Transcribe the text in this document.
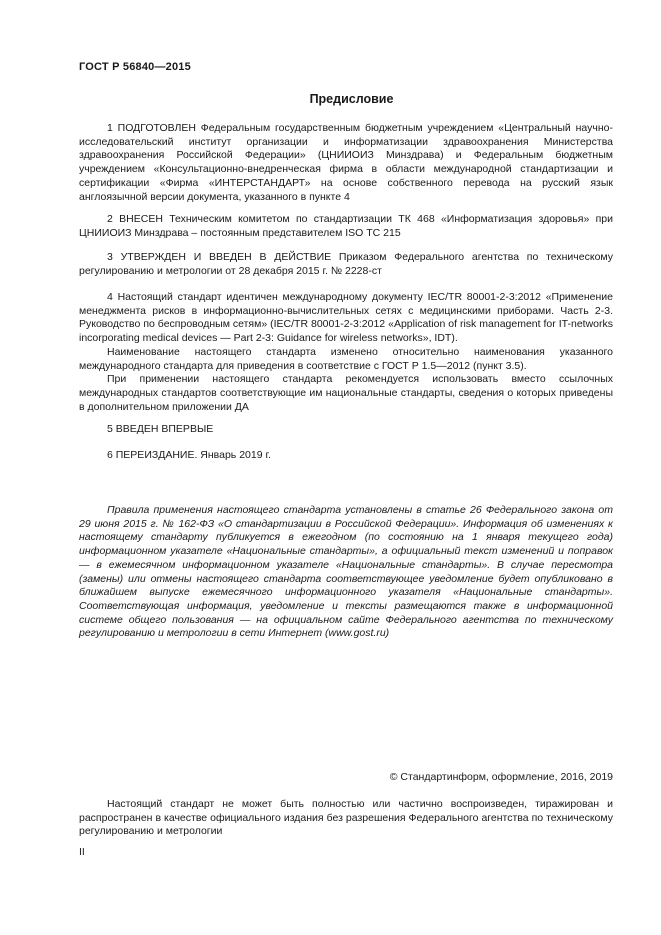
ГОСТ Р 56840—2015
Предисловие

1 ПОДГОТОВЛЕН Федеральным государственным бюджетным учреждением «Центральный научно-исследовательский институт организации и информатизации здравоохранения Министерства здравоохранения Российской Федерации» (ЦНИИОИЗ Минздрава) и Федеральным бюджетным учреждением «Консультационно-внедренческая фирма в области международной стандартизации и сертификации «Фирма «ИНТЕРСТАНДАРТ» на основе собственного перевода на русский язык англоязычной версии документа, указанного в пункте 4

2 ВНЕСЕН Техническим комитетом по стандартизации ТК 468 «Информатизация здоровья» при ЦНИИОИЗ Минздрава – постоянным представителем ISO ТС 215

3 УТВЕРЖДЕН И ВВЕДЕН В ДЕЙСТВИЕ Приказом Федерального агентства по техническому регулированию и метрологии от 28 декабря 2015 г. № 2228-ст

4 Настоящий стандарт идентичен международному документу IEC/TR 80001-2-3:2012 «Применение менеджмента рисков в информационно-вычислительных сетях с медицинскими приборами. Часть 2-3. Руководство по беспроводным сетям» (IEC/TR 80001-2-3:2012 «Application of risk management for IT-networks incorporating medical devices — Part 2-3: Guidance for wireless networks», IDT).

Наименование настоящего стандарта изменено относительно наименования указанного международного стандарта для приведения в соответствие с ГОСТ Р 1.5—2012 (пункт 3.5).

При применении настоящего стандарта рекомендуется использовать вместо ссылочных международных стандартов соответствующие им национальные стандарты, сведения о которых приведены в дополнительном приложении ДА

5 ВВЕДЕН ВПЕРВЫЕ

6 ПЕРЕИЗДАНИЕ. Январь 2019 г.

Правила применения настоящего стандарта установлены в статье 26 Федерального закона от 29 июня 2015 г. № 162-ФЗ «О стандартизации в Российской Федерации». Информация об изменениях к настоящему стандарту публикуется в ежегодном (по состоянию на 1 января текущего года) информационном указателе «Национальные стандарты», а официальный текст изменений и поправок — в ежемесячном информационном указателе «Национальные стандарты». В случае пересмотра (замены) или отмены настоящего стандарта соответствующее уведомление будет опубликовано в ближайшем выпуске ежемесячного информационного указателя «Национальные стандарты». Соответствующая информация, уведомление и тексты размещаются также в информационной системе общего пользования — на официальном сайте Федерального агентства по техническому регулированию и метрологии в сети Интернет (www.gost.ru)

© Стандартинформ, оформление, 2016, 2019

Настоящий стандарт не может быть полностью или частично воспроизведен, тиражирован и распространен в качестве официального издания без разрешения Федерального агентства по техническому регулированию и метрологии

II
